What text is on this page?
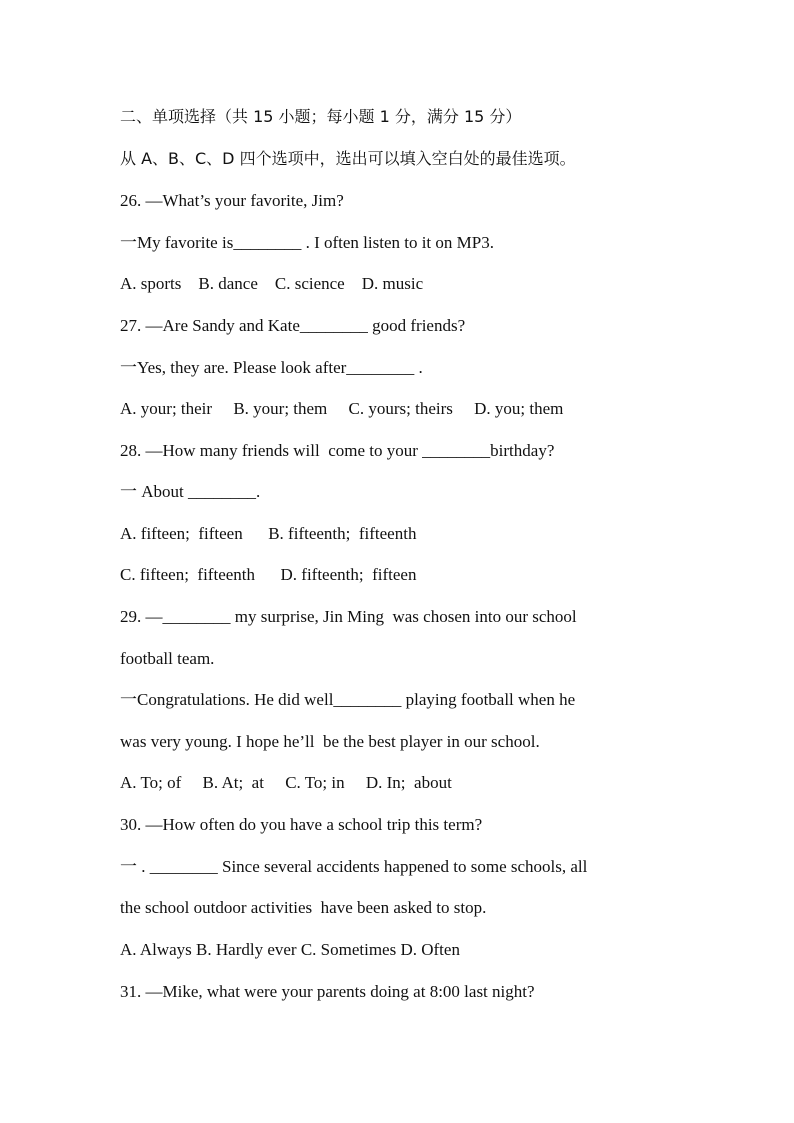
二、单项选择（共 15 小题；每小题 1 分，满分 15 分）
从 A、B、C、D 四个选项中，选出可以填入空白处的最佳选项。
26. —What’s your favorite, Jim?
一My favorite is________ . I often listen to it on MP3.
A. sports    B. dance    C. science    D. music
27. —Are Sandy and Kate________ good friends?
一Yes, they are. Please look after________ .
A. your; their     B. your; them     C. yours; theirs     D. you; them
28. —How many friends will  come to your ________birthday?
一 About ________.
A. fifteen;  fifteen      B. fifteenth;  fifteenth
C. fifteen;  fifteenth      D. fifteenth;  fifteen
29. —________ my surprise, Jin Ming  was chosen into our school
football team.
一Congratulations. He did well________ playing football when he
was very young. I hope he’ll  be the best player in our school.
A. To; of     B. At;  at     C. To; in     D. In;  about
30. —How often do you have a school trip this term?
一 . ________ Since several accidents happened to some schools, all
the school outdoor activities  have been asked to stop.
A. Always B. Hardly ever C. Sometimes D. Often
31. —Mike, what were your parents doing at 8:00 last night?
